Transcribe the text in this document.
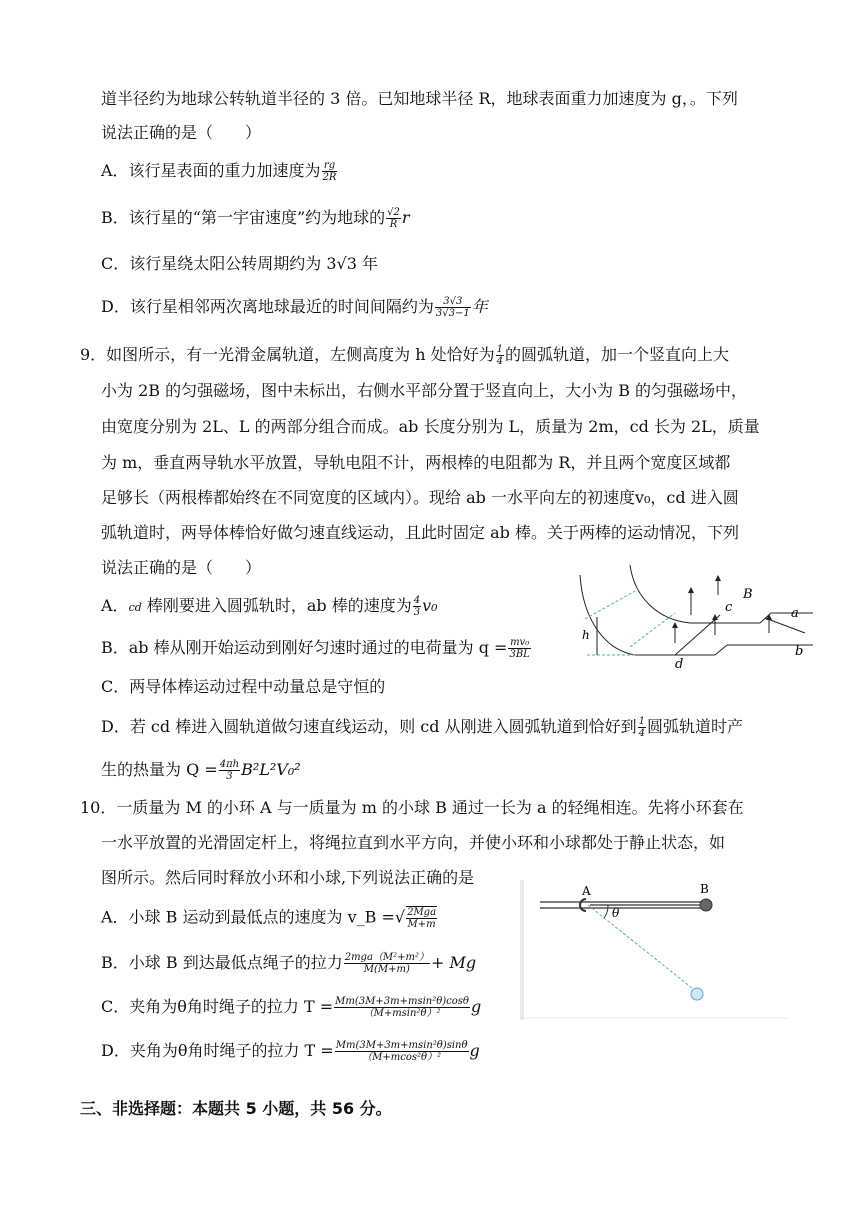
道半径约为地球公转轨道半径的 3 倍。已知地球半径 R，地球表面重力加速度为 g，。下列
说法正确的是（　　）
A．该行星表面的重力加速度为 $\frac{rg}{2R}$
B．该行星的“第一宇宙速度”约为地球的 $\frac{√2}{R}$ r
C．该行星绕太阳公转周期约为 3√3 年
D．该行星相邻两次离地球最近的时间间隔约为 $\frac{3√3}{3√3-1}$ 年
9．如图所示，有一光滑金属轨道，左侧高度为 h 处恰好为 $\frac{1}{4}$ 的圆弧轨道，加一个竖直向上大
小为 2B 的匀强磁场，图中未标出，右侧水平部分置于竖直向上，大小为 B 的匀强磁场中，
由宽度分别为 2L、L 的两部分组合而成。ab 长度分别为 L，质量为 2m，cd 长为 2L，质量
为 m，垂直两导轨水平放置，导轨电阻不计，两根棒的电阻都为 R，并且两个宽度区域都
足够长（两根棒都始终在不同宽度的区域内）。现给 ab 一水平向左的初速度v₀，cd 进入圆
弧轨道时，两导体棒恰好做匀速直线运动，且此时固定 ab 棒。关于两棒的运动情况，下列
说法正确的是（　　）
A．cd 棒刚要进入圆弧轨时，ab 棒的速度为 $\frac{4}{3} v_0$
B．ab 棒从刚开始运动到刚好匀速时通过的电荷量为 $q = \frac{\text{mv₀}}{3BL}$
C．两导体棒运动过程中动量总是守恒的
D．若 cd 棒进入圆轨道做匀速直线运动，则 cd 从刚进入圆弧轨道到恰好到 $\frac{1}{4}$ 圆弧轨道时产
生的热量为 $Q = \frac{4\pi h}{3} B^2L^2V_0^2$
B
c	a
b
d
h
10．一质量为 M 的小环 A 与一质量为 m 的小球 B 通过一长为 a 的轻绳相连。先将小环套在
一水平放置的光滑固定杆上，将绳拉直到水平方向，并使小环和小球都处于静止状态，如
图所示。然后同时释放小环和小球,下列说法正确的是
A．小球 B 运动到最低点的速度为 v_B =√ $\frac{\text{2Mga}}{M+m}$
B．小球 B 到达最低点绳子的拉力 $\frac{\text{2mga（M²+m²）}}{M(M+m)} + Mg$
C．夹角为θ角时绳子的拉力 $T = \frac{\text{Mm(3M+3m+msin²θ)cosθ}}{\text{（M+msin²θ）²}}$ g
D．夹角为θ角时绳子的拉力 $T = \frac{\text{Mm(3M+3m+msin²θ)sinθ}}{\text{（M+mcos²θ）²}}$ g
A	B
θ
三、非选择题：本题共 5 小题，共 56 分。
